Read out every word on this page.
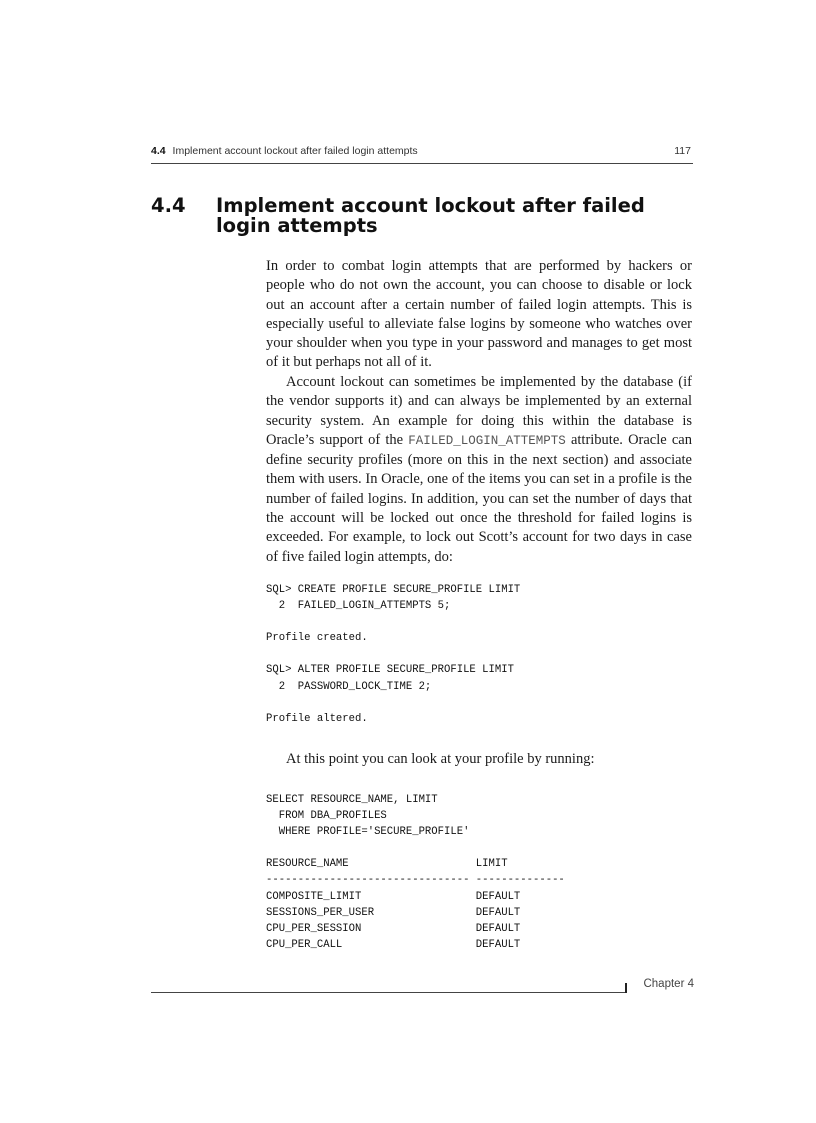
4.4 Implement account lockout after failed login attempts	117
4.4 Implement account lockout after failed login attempts

In order to combat login attempts that are performed by hackers or people who do not own the account, you can choose to disable or lock out an account after a certain number of failed login attempts. This is especially useful to alleviate false logins by someone who watches over your shoulder when you type in your password and manages to get most of it but perhaps not all of it.

Account lockout can sometimes be implemented by the database (if the vendor supports it) and can always be implemented by an external security system. An example for doing this within the database is Oracle’s support of the FAILED_LOGIN_ATTEMPTS attribute. Oracle can define security profiles (more on this in the next section) and associate them with users. In Oracle, one of the items you can set in a profile is the number of failed logins. In addition, you can set the number of days that the account will be locked out once the threshold for failed logins is exceeded. For example, to lock out Scott’s account for two days in case of five failed login attempts, do:

SQL> CREATE PROFILE SECURE_PROFILE LIMIT
2  FAILED_LOGIN_ATTEMPTS 5;

Profile created.

SQL> ALTER PROFILE SECURE_PROFILE LIMIT
2  PASSWORD_LOCK_TIME 2;

Profile altered.

At this point you can look at your profile by running:

SELECT RESOURCE_NAME, LIMIT
FROM DBA_PROFILES
WHERE PROFILE='SECURE_PROFILE'

RESOURCE_NAME                    LIMIT
-------------------------------- --------------
COMPOSITE_LIMIT                  DEFAULT
SESSIONS_PER_USER                DEFAULT
CPU_PER_SESSION                  DEFAULT
CPU_PER_CALL                     DEFAULT
Chapter 4
